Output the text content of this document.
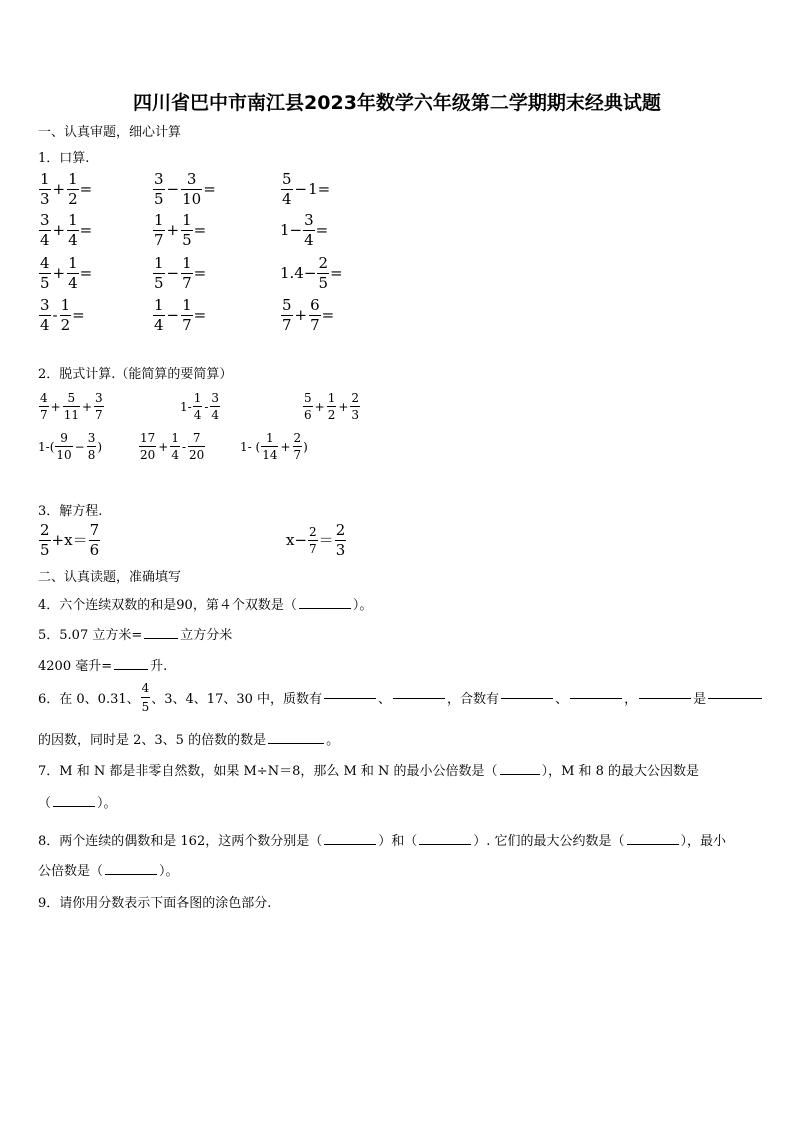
四川省巴中市南江县2023年数学六年级第二学期期末经典试题
一、认真审题，细心计算
1．口算.
$\frac{1}{3} + \frac{1}{2}$ =	$\frac{3}{5} - \frac{3}{10}$ =	$\frac{5}{4} - 1$ =
$\frac{3}{4} + \frac{1}{4}$ =	$\frac{1}{7} + \frac{1}{5}$ =	$1- \frac{3}{4}$ =
$\frac{4}{5} + \frac{1}{4}$ =	$\frac{1}{5} - \frac{1}{7}$ =	$1.4- \frac{2}{5}$ =
$\frac{3}{4} - \frac{1}{2}$ =	$\frac{1}{4} - \frac{1}{7}$ =	$\frac{5}{7} + \frac{6}{7}$ =
2．脱式计算.（能简算的要简算）
$\frac{4}{7} + \frac{5}{11} + \frac{3}{7}$	$1- \frac{1}{4} - \frac{3}{4}$	$\frac{5}{6} + \frac{1}{2} + \frac{2}{3}$
$1-( \frac{9}{10} - \frac{3}{8}$ )	$\frac{17}{20} + \frac{1}{4} - \frac{7}{20}$	1- ( $\frac{1}{14} + \frac{2}{7}$ )
3．解方程.
$\frac{2}{5} +x= \frac{7}{6}$	$x- \frac{2}{7} = \frac{2}{3}$
二、认真读题，准确填写
4．六个连续双数的和是90，第４个双数是（	）。
5．5.07 立方米=	立方分米
4200 毫升=	升.
6．在 0、0.31、 $\frac{4}{5}$ 、3、4、17、30 中，质数有	、	，合数有	、	，	是
的因数，同时是 2、3、5 的倍数的数是	。
7．M 和 N 都是非零自然数，如果 M÷N＝8，那么 M 和 N 的最小公倍数是（	），M 和 8 的最大公因数是
（	）。
8．两个连续的偶数和是 162，这两个数分别是（	）和（	）. 它们的最大公约数是（	），最小
公倍数是（	）。
9．请你用分数表示下面各图的涂色部分.
